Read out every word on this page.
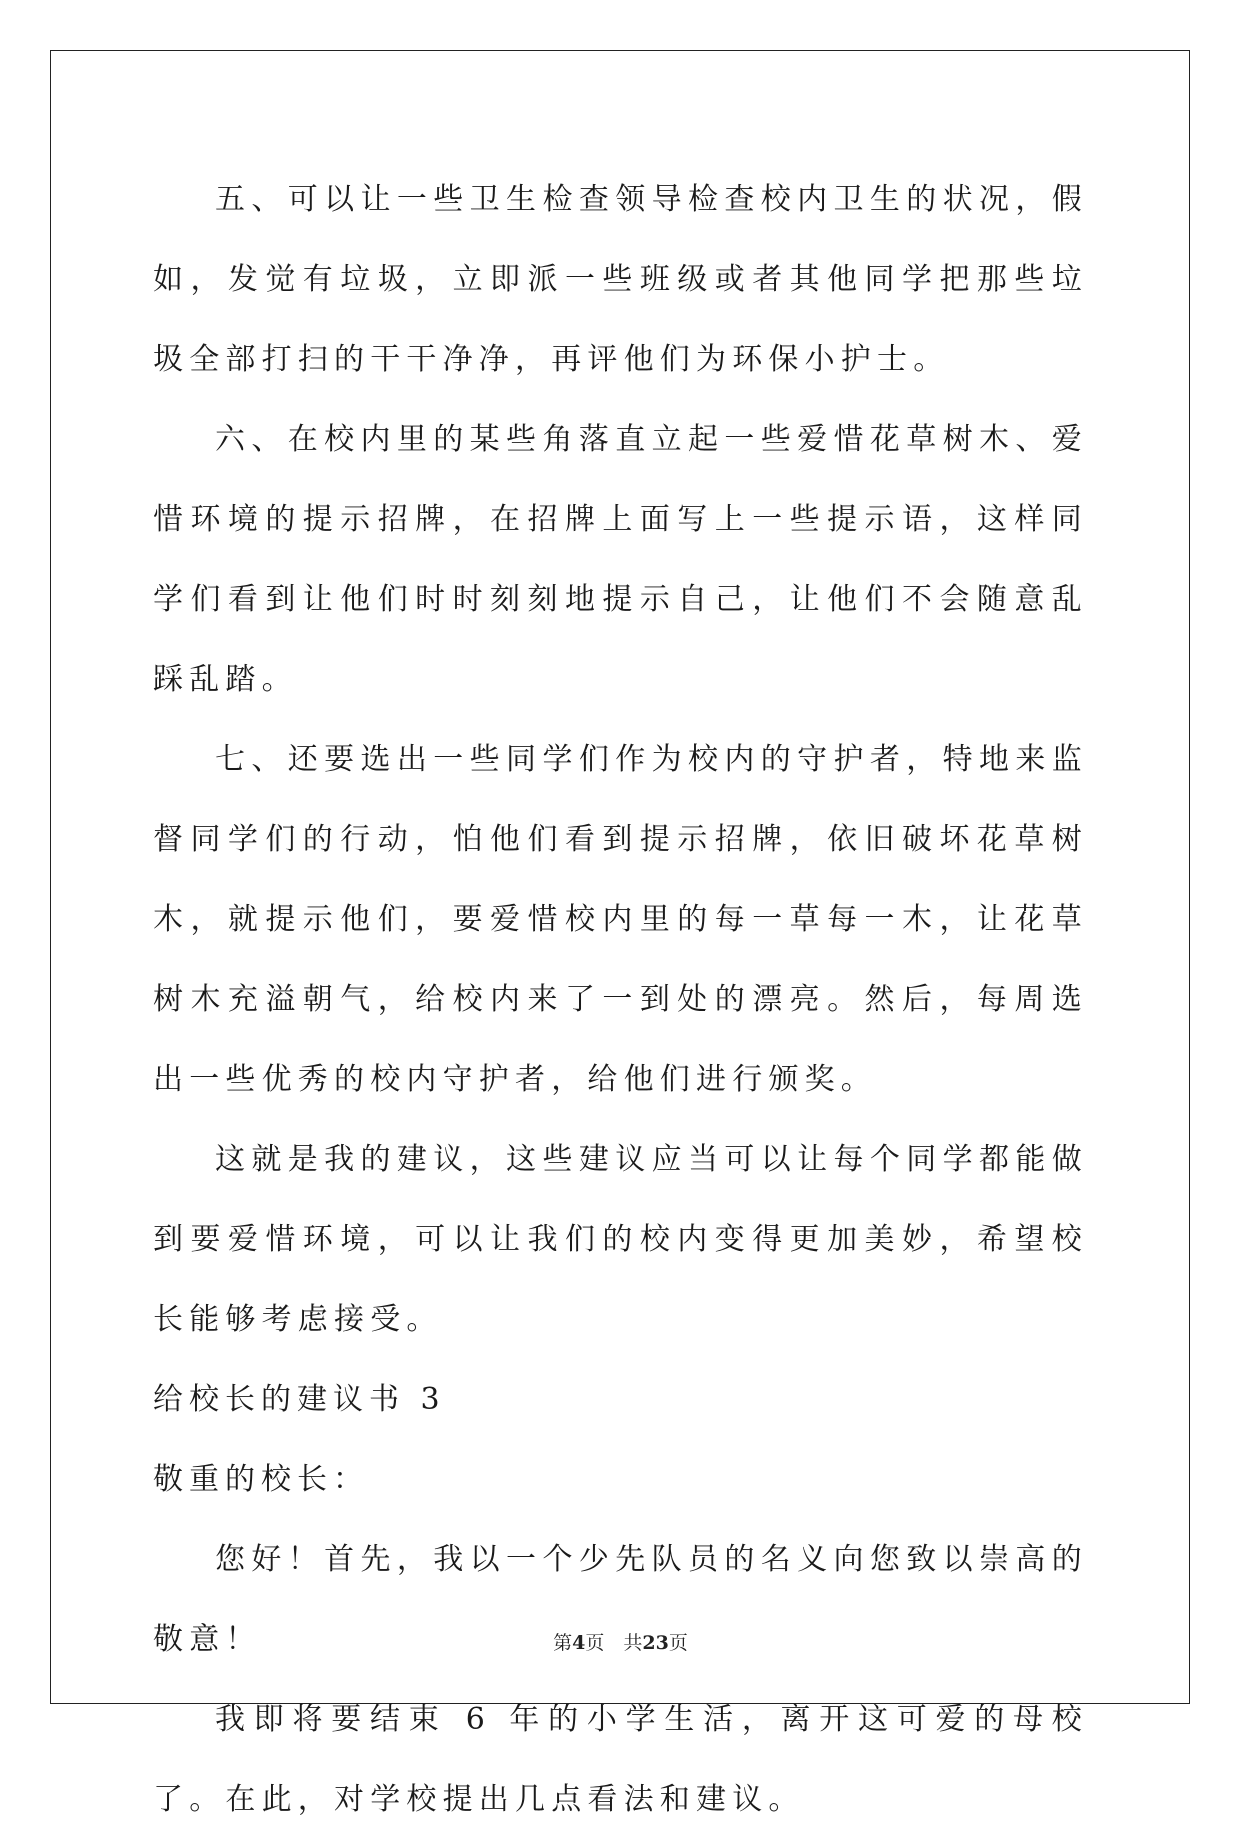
五、可以让一些卫生检查领导检查校内卫生的状况，假如，发觉有垃圾，立即派一些班级或者其他同学把那些垃圾全部打扫的干干净净，再评他们为环保小护士。

六、在校内里的某些角落直立起一些爱惜花草树木、爱惜环境的提示招牌，在招牌上面写上一些提示语，这样同学们看到让他们时时刻刻地提示自己，让他们不会随意乱踩乱踏。

七、还要选出一些同学们作为校内的守护者，特地来监督同学们的行动，怕他们看到提示招牌，依旧破坏花草树木，就提示他们，要爱惜校内里的每一草每一木，让花草树木充溢朝气，给校内来了一到处的漂亮。然后，每周选出一些优秀的校内守护者，给他们进行颁奖。

这就是我的建议，这些建议应当可以让每个同学都能做到要爱惜环境，可以让我们的校内变得更加美妙，希望校长能够考虑接受。

给校长的建议书 3

敬重的校长：

您好！首先，我以一个少先队员的名义向您致以崇高的敬意！

我即将要结束 6 年的小学生活，离开这可爱的母校了。在此，对学校提出几点看法和建议。

第4页　共23页
